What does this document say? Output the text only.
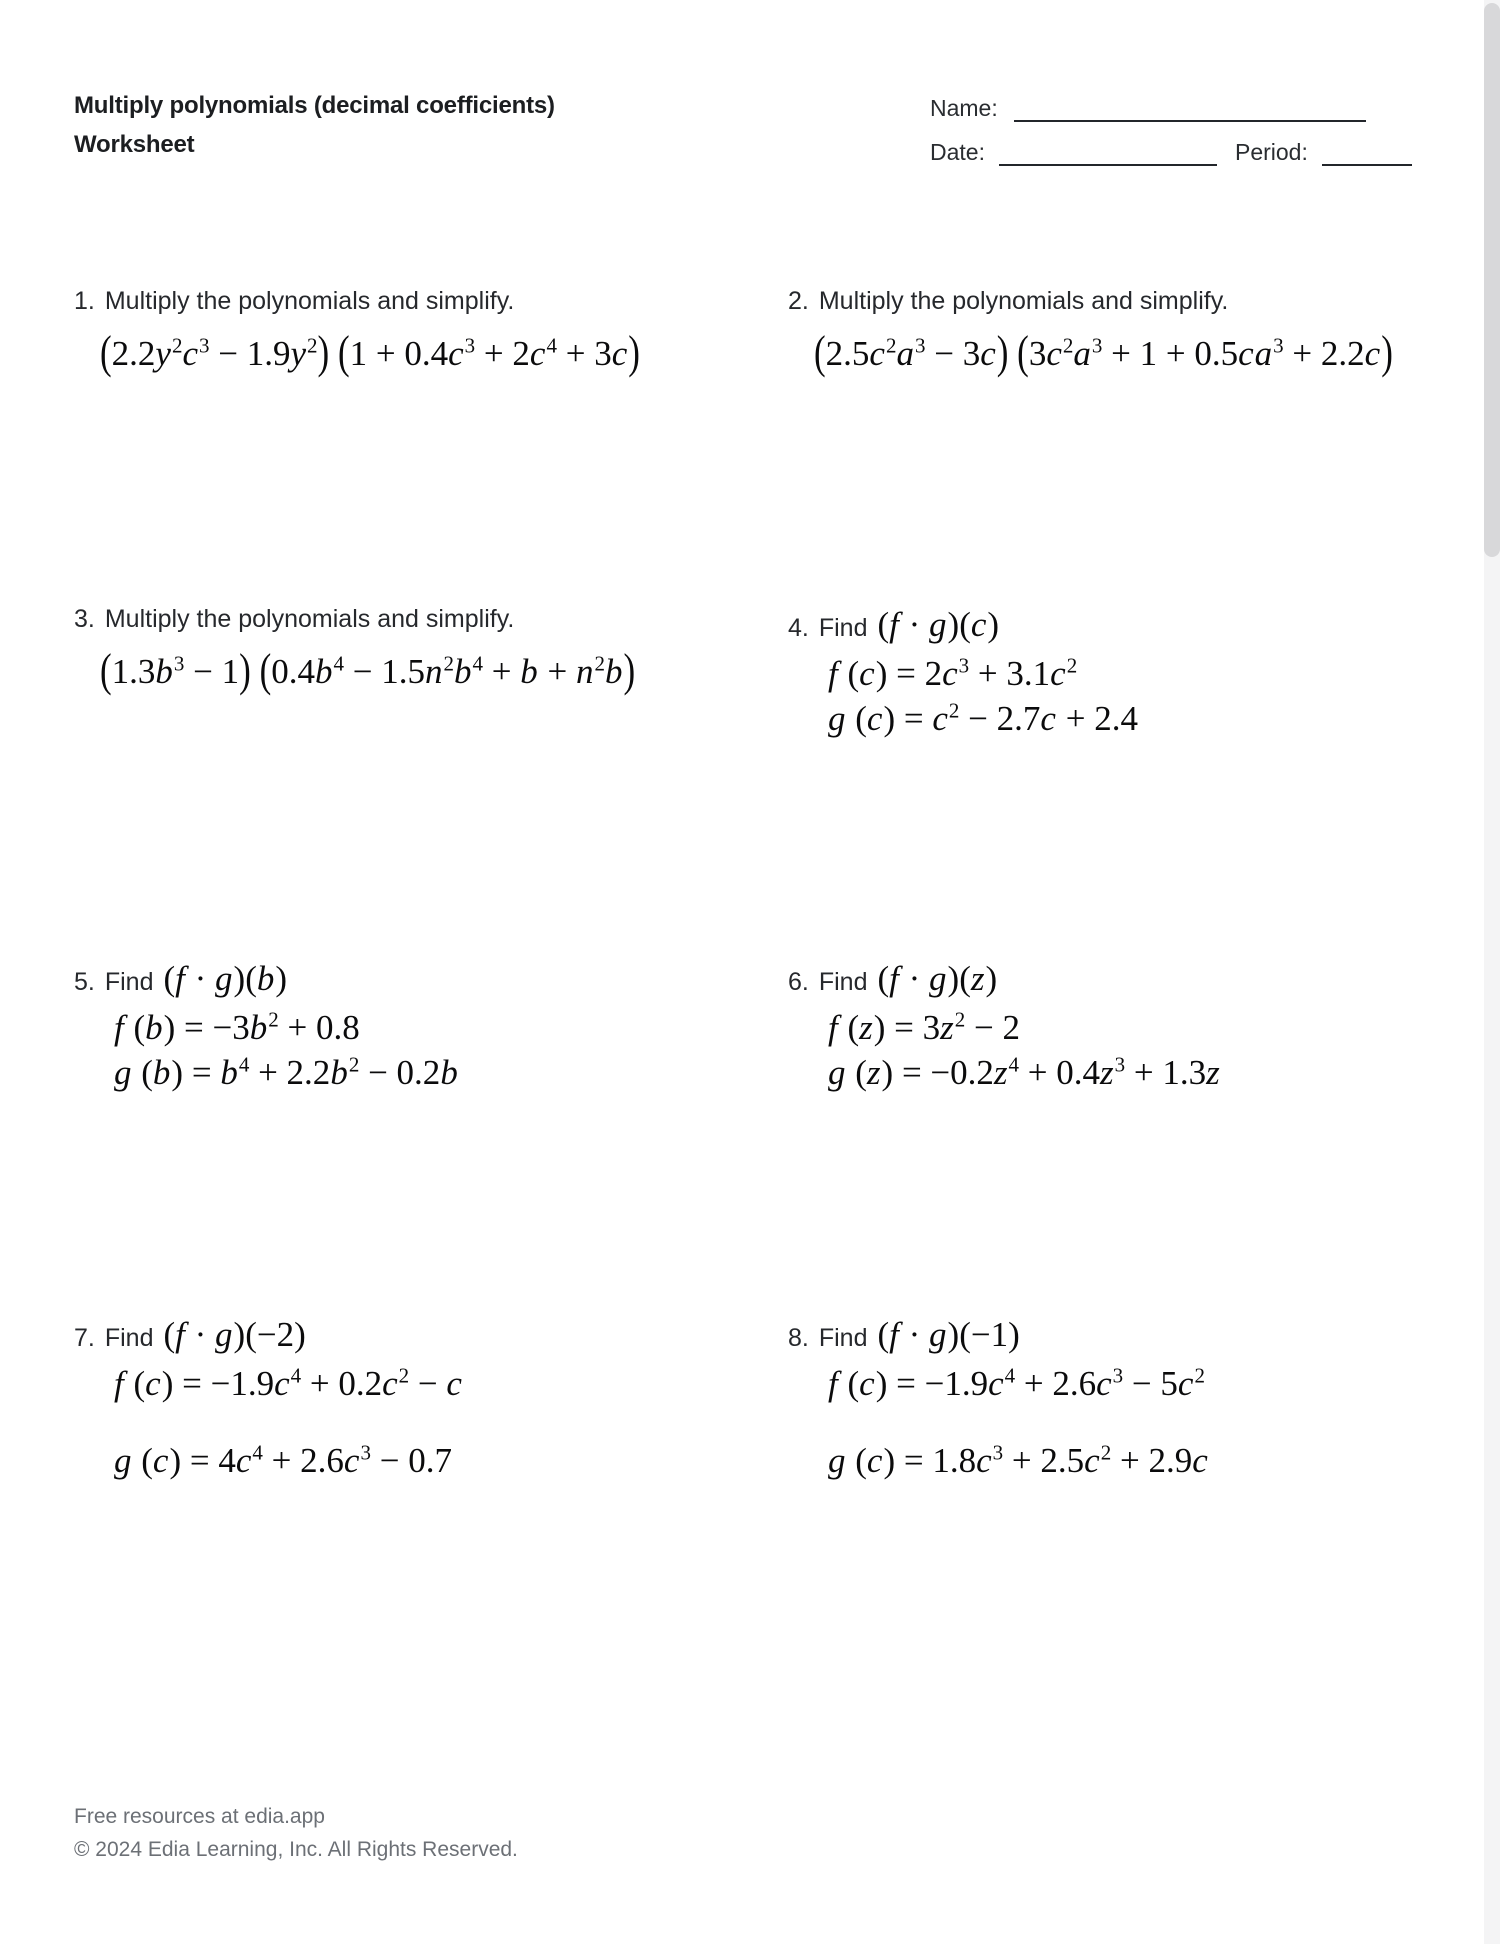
Multiply polynomials (decimal coefficients)
Worksheet
Name:
Date:	Period:
1. Multiply the polynomials and simplify.
$(2.2y^2c^3 - 1.9y^2) (1 + 0.4c^3 + 2c^4 + 3c)$
2. Multiply the polynomials and simplify.
$(2.5c^2a^3 - 3c) (3c^2a^3 + 1 + 0.5ca^3 + 2.2c)$
3. Multiply the polynomials and simplify.
$(1.3b^3 - 1) (0.4b^4 - 1.5n^2b^4 + b + n^2b)$
4. Find (f · g)(c)
f $(c) = 2c^3 + 3.1c^2$
g $(c) = c^2 - 2.7c + 2.4$
5. Find (f · g)(b)
f $(b) = -3b^2 + 0.8$
g $(b) = b^4 + 2.2b^2 - 0.2b$
6. Find (f · g)(z)
f $(z) = 3z^2 - 2$
g $(z) = -0.2z^4 + 0.4z^3 + 1.3z$
7. Find (f · g)(−2)
f $(c) = -1.9c^4 + 0.2c^2 - c$
g $(c) = 4c^4 + 2.6c^3 - 0.7$
8. Find (f · g)(−1)
f $(c) = -1.9c^4 + 2.6c^3 - 5c^2$
g $(c) = 1.8c^3 + 2.5c^2 + 2.9c$
Free resources at edia.app
© 2024 Edia Learning, Inc. All Rights Reserved.
